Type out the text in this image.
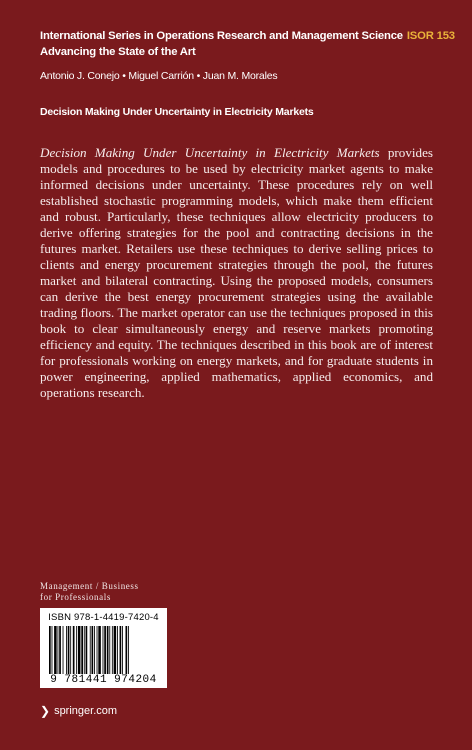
International Series in Operations Research and Management Science ISOR 153
Advancing the State of the Art
Antonio J. Conejo • Miguel Carrión • Juan M. Morales
Decision Making Under Uncertainty in Electricity Markets

Decision Making Under Uncertainty in Electricity Markets provides models and procedures to be used by electricity market agents to make informed decisions under uncertainty. These procedures rely on well established stochastic programming models, which make them efficient and robust. Particularly, these techniques allow electricity producers to derive offering strategies for the pool and contracting decisions in the futures market. Retailers use these techniques to derive selling prices to clients and energy procurement strategies through the pool, the futures market and bilateral contracting. Using the proposed models, consumers can derive the best energy procurement strategies using the available trading floors. The market operator can use the techniques proposed in this book to clear simultaneously energy and reserve markets promoting efficiency and equity. The techniques described in this book are of interest for professionals working on energy markets, and for graduate students in power engineering, applied mathematics, applied economics, and operations research.

Management / Business
for Professionals
ISBN 978-1-4419-7420-4
9 781441 974204
❯ springer.com
